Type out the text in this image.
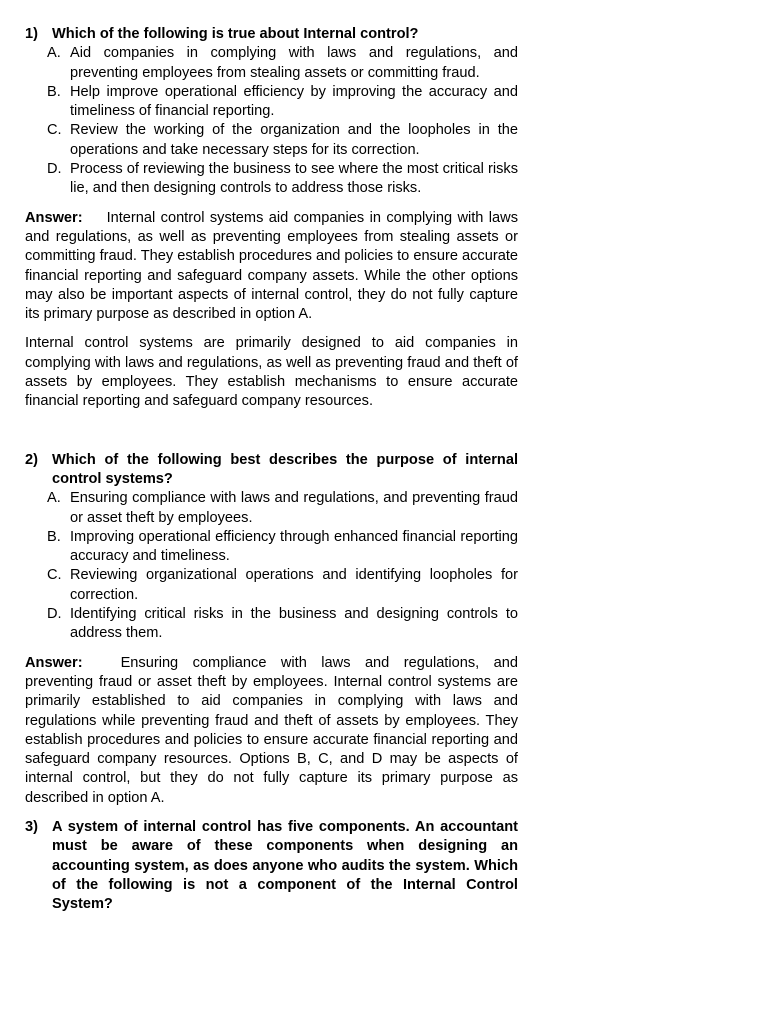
1) Which of the following is true about Internal control?
A. Aid companies in complying with laws and regulations, and preventing employees from stealing assets or committing fraud.
B. Help improve operational efficiency by improving the accuracy and timeliness of financial reporting.
C. Review the working of the organization and the loopholes in the operations and take necessary steps for its correction.
D. Process of reviewing the business to see where the most critical risks lie, and then designing controls to address those risks.
Answer: Internal control systems aid companies in complying with laws and regulations, as well as preventing employees from stealing assets or committing fraud. They establish procedures and policies to ensure accurate financial reporting and safeguard company assets. While the other options may also be important aspects of internal control, they do not fully capture its primary purpose as described in option A.
Internal control systems are primarily designed to aid companies in complying with laws and regulations, as well as preventing fraud and theft of assets by employees. They establish mechanisms to ensure accurate financial reporting and safeguard company resources.
2) Which of the following best describes the purpose of internal control systems?
A. Ensuring compliance with laws and regulations, and preventing fraud or asset theft by employees.
B. Improving operational efficiency through enhanced financial reporting accuracy and timeliness.
C. Reviewing organizational operations and identifying loopholes for correction.
D. Identifying critical risks in the business and designing controls to address them.
Answer:	Ensuring compliance with laws and regulations, and preventing fraud or asset theft by employees. Internal control systems are primarily established to aid companies in complying with laws and regulations while preventing fraud and theft of assets by employees. They establish procedures and policies to ensure accurate financial reporting and safeguard company resources. Options B, C, and D may be aspects of internal control, but they do not fully capture its primary purpose as described in option A.
3) A system of internal control has five components. An accountant must be aware of these components when designing an accounting system, as does anyone who audits the system. Which of the following is not a component of the Internal Control System?
